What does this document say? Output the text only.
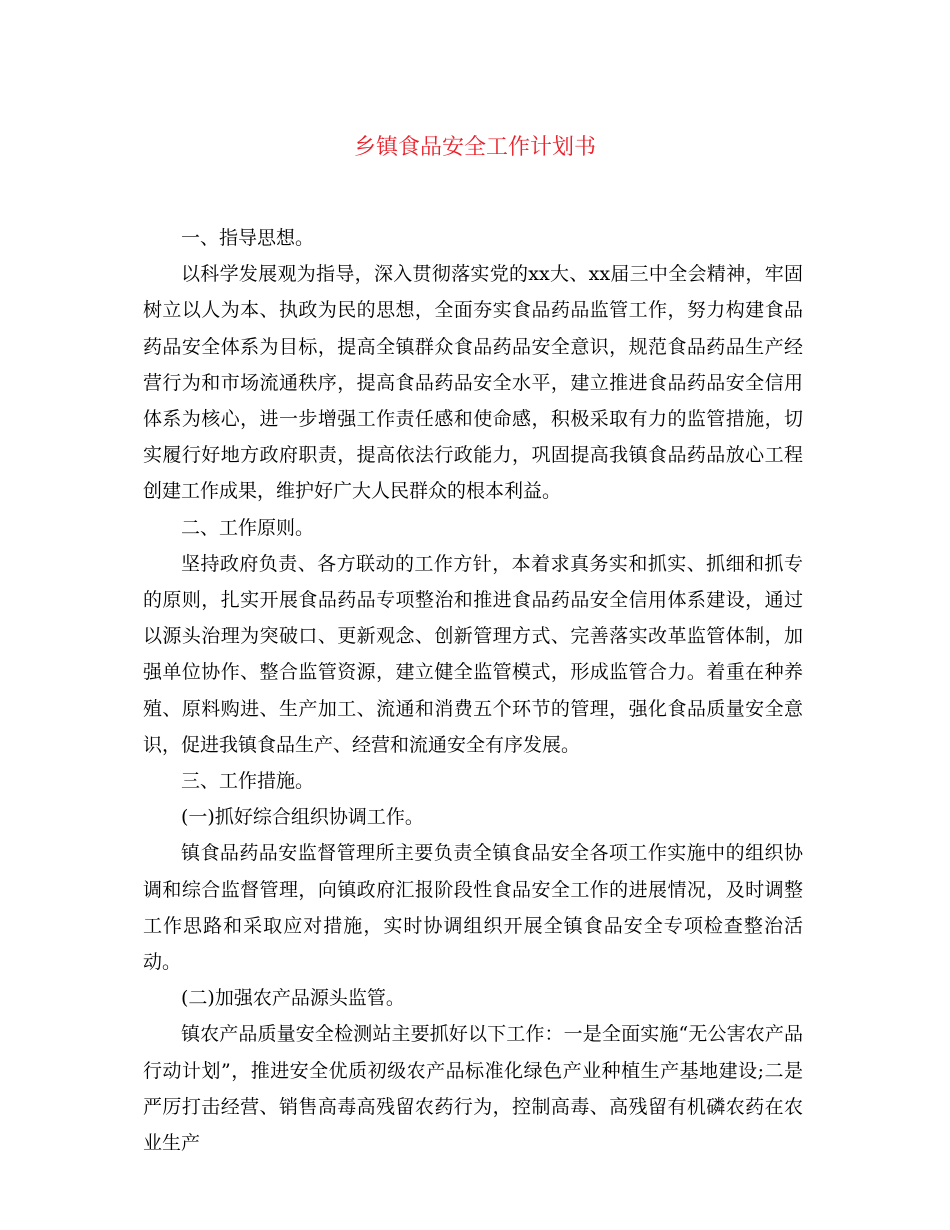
乡镇食品安全工作计划书

一、指导思想。

以科学发展观为指导，深入贯彻落实党的xx大、xx届三中全会精神，牢固树立以人为本、执政为民的思想，全面夯实食品药品监管工作，努力构建食品药品安全体系为目标，提高全镇群众食品药品安全意识，规范食品药品生产经营行为和市场流通秩序，提高食品药品安全水平，建立推进食品药品安全信用体系为核心，进一步增强工作责任感和使命感，积极采取有力的监管措施，切实履行好地方政府职责，提高依法行政能力，巩固提高我镇食品药品放心工程创建工作成果，维护好广大人民群众的根本利益。

二、工作原则。

坚持政府负责、各方联动的工作方针，本着求真务实和抓实、抓细和抓专的原则，扎实开展食品药品专项整治和推进食品药品安全信用体系建设，通过以源头治理为突破口、更新观念、创新管理方式、完善落实改革监管体制，加强单位协作、整合监管资源，建立健全监管模式，形成监管合力。着重在种养殖、原料购进、生产加工、流通和消费五个环节的管理，强化食品质量安全意识，促进我镇食品生产、经营和流通安全有序发展。

三、工作措施。

(一)抓好综合组织协调工作。

镇食品药品安监督管理所主要负责全镇食品安全各项工作实施中的组织协调和综合监督管理，向镇政府汇报阶段性食品安全工作的进展情况，及时调整工作思路和采取应对措施，实时协调组织开展全镇食品安全专项检查整治活动。

(二)加强农产品源头监管。

镇农产品质量安全检测站主要抓好以下工作：一是全面实施“无公害农产品行动计划”，推进安全优质初级农产品标准化绿色产业种植生产基地建设;二是严厉打击经营、销售高毒高残留农药行为，控制高毒、高残留有机磷农药在农业生产
